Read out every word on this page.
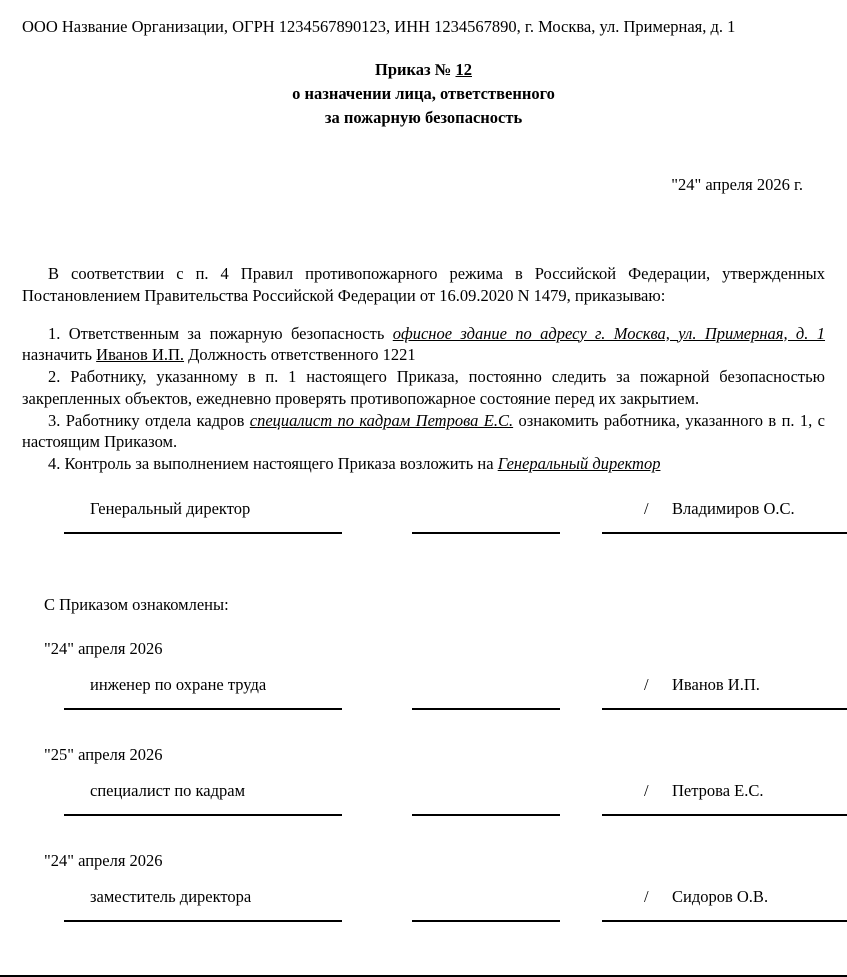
ООО Название Организации, ОГРН 1234567890123, ИНН 1234567890, г. Москва, ул. Примерная, д. 1
Приказ № 12
о назначении лица, ответственного
за пожарную безопасность
"24" апреля 2026 г.

В соответствии с п. 4 Правил противопожарного режима в Российской Федерации, утвержденных Постановлением Правительства Российской Федерации от 16.09.2020 N 1479, приказываю:

1. Ответственным за пожарную безопасность офисное здание по адресу г. Москва, ул. Примерная, д. 1 назначить Иванов И.П. Должность ответственного 1221

2. Работнику, указанному в п. 1 настоящего Приказа, постоянно следить за пожарной безопасностью закрепленных объектов, ежедневно проверять противопожарное состояние перед их закрытием.

3. Работнику отдела кадров специалист по кадрам Петрова Е.С. ознакомить работника, указанного в п. 1, с настоящим Приказом.

4. Контроль за выполнением настоящего Приказа возложить на Генеральный директор

Генеральный директор	/ Владимиров О.С.
С Приказом ознакомлены:
"24" апреля 2026
инженер по охране труда	/ Иванов И.П.
"25" апреля 2026
специалист по кадрам	/ Петрова Е.С.
"24" апреля 2026
заместитель директора	/ Сидоров О.В.
